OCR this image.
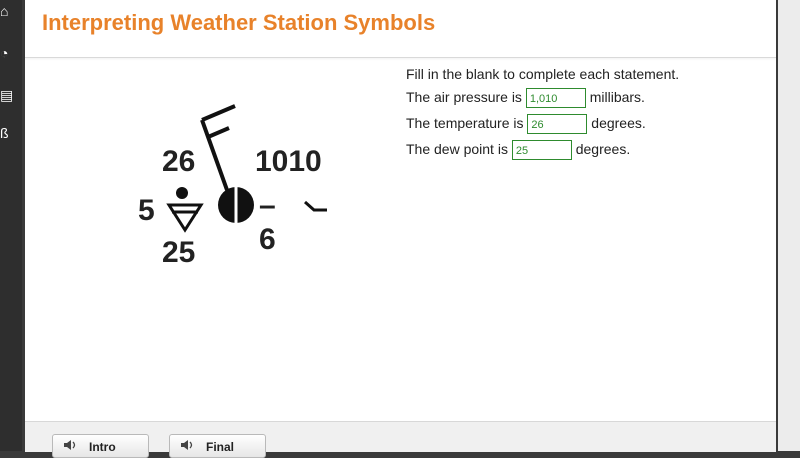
⌂
◔
▤
ß
Interpreting Weather Station Symbols
26 1010
5
25
–6
Fill in the blank to complete each statement.
The air pressure is 1,010 millibars.
The temperature is 26	degrees.
The dew point is 25	degrees.
Intro	Final
